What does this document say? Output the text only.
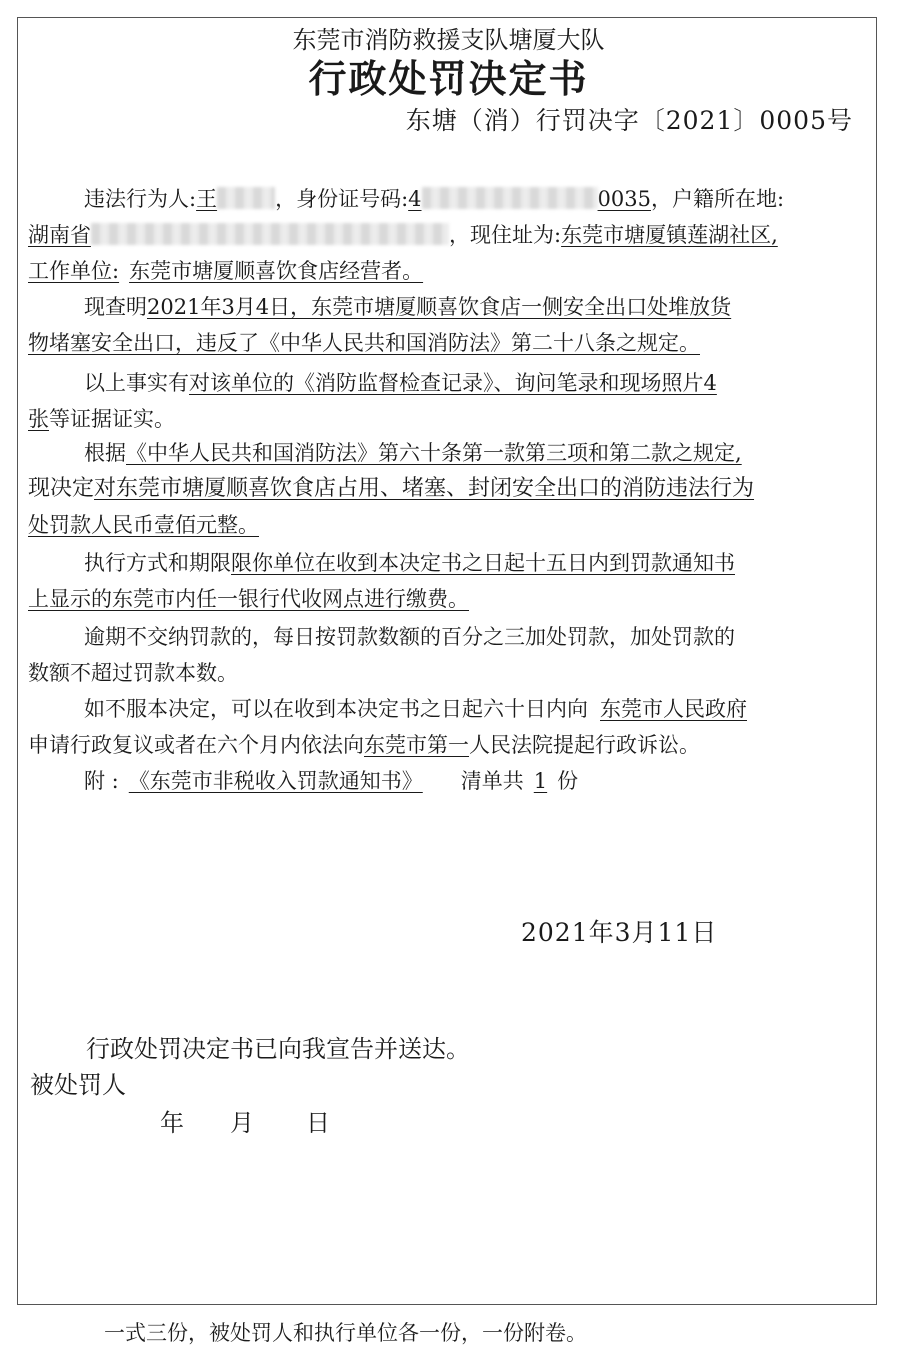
东莞市消防救援支队塘厦大队
行政处罚决定书
东塘（消）行罚决字〔2021〕0005号
违法行为人:王	，身份证号码:4	0035，户籍所在地:
湖南省	，现住址为:东莞市塘厦镇莲湖社区,
工作单位: 东莞市塘厦顺喜饮食店经营者。
现查明2021年3月4日，东莞市塘厦顺喜饮食店一侧安全出口处堆放货
物堵塞安全出口，违反了《中华人民共和国消防法》第二十八条之规定。
以上事实有对该单位的《消防监督检查记录》、询问笔录和现场照片4
张等证据证实。
根据《中华人民共和国消防法》第六十条第一款第三项和第二款之规定,
现决定对东莞市塘厦顺喜饮食店占用、堵塞、封闭安全出口的消防违法行为
处罚款人民币壹佰元整。
执行方式和期限限你单位在收到本决定书之日起十五日内到罚款通知书
上显示的东莞市内任一银行代收网点进行缴费。
逾期不交纳罚款的，每日按罚款数额的百分之三加处罚款，加处罚款的
数额不超过罚款本数。
如不服本决定，可以在收到本决定书之日起六十日内向 东莞市人民政府
申请行政复议或者在六个月内依法向东莞市第一人民法院提起行政诉讼。
附 : 《东莞市非税收入罚款通知书》 清单共 1 份
2021年3月11日
行政处罚决定书已向我宣告并送达。
被处罚人
年 月 日
一式三份，被处罚人和执行单位各一份，一份附卷。
